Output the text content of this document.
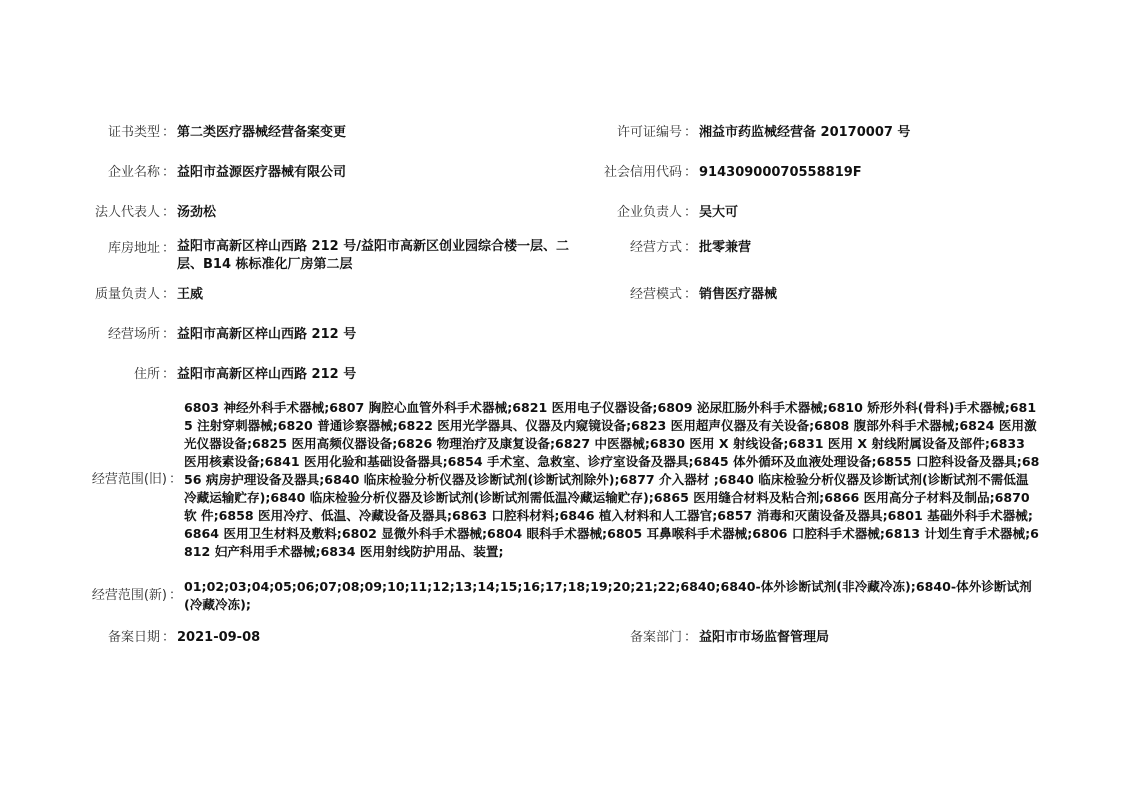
证书类型 ： 第二类医疗器械经营备案变更	许可证编号 ： 湘益市药监械经营备 20170007 号
企业名称 ： 益阳市益源医疗器械有限公司	社会信用代码 ： 91430900070558819F
法人代表人 ： 汤劲松	企业负责人 ： 吴大可
库房地址 ： 益阳市高新区梓山西路 212 号/益阳市高新区创业园综合楼一层、二层、B14 栋标准化厂房第二层
经营方式 ： 批零兼营
质量负责人 ： 王威	经营模式 ： 销售医疗器械
经营场所 ： 益阳市高新区梓山西路 212 号
住所 ： 益阳市高新区梓山西路 212 号
经营范围(旧) ：
6803 神经外科手术器械;6807 胸腔心血管外科手术器械;6821 医用电子仪器设备;6809 泌尿肛肠外科手术器械;6810 矫形外科(骨科)手术器械;6815 注射穿刺器械;6820 普通诊察器械;6822 医用光学器具、仪器及内窥镜设备;6823 医用超声仪器及有关设备;6808 腹部外科手术器械;6824 医用激光仪器设备;6825 医用高频仪器设备;6826 物理治疗及康复设备;6827 中医器械;6830 医用 X 射线设备;6831 医用 X 射线附属设备及部件;6833 医用核素设备;6841 医用化验和基础设备器具;6854 手术室、急救室、诊疗室设备及器具;6845 体外循环及血液处理设备;6855 口腔科设备及器具;6856 病房护理设备及器具;6840 临床检验分析仪器及诊断试剂(诊断试剂除外);6877 介入器材 ;6840 临床检验分析仪器及诊断试剂(诊断试剂不需低温冷藏运输贮存);6840 临床检验分析仪器及诊断试剂(诊断试剂需低温冷藏运输贮存);6865 医用缝合材料及粘合剂;6866 医用高分子材料及制品;6870 软 件;6858 医用冷疗、低温、冷藏设备及器具;6863 口腔科材料;6846 植入材料和人工器官;6857 消毒和灭菌设备及器具;6801 基础外科手术器械;6864 医用卫生材料及敷料;6802 显微外科手术器械;6804 眼科手术器械;6805 耳鼻喉科手术器械;6806 口腔科手术器械;6813 计划生育手术器械;6812 妇产科用手术器械;6834 医用射线防护用品、装置;
经营范围(新) ：
01;02;03;04;05;06;07;08;09;10;11;12;13;14;15;16;17;18;19;20;21;22;6840;6840-体外诊断试剂(非冷藏冷冻);6840-体外诊断试剂(冷藏冷冻);
备案日期 ： 2021-09-08	备案部门 ： 益阳市市场监督管理局
